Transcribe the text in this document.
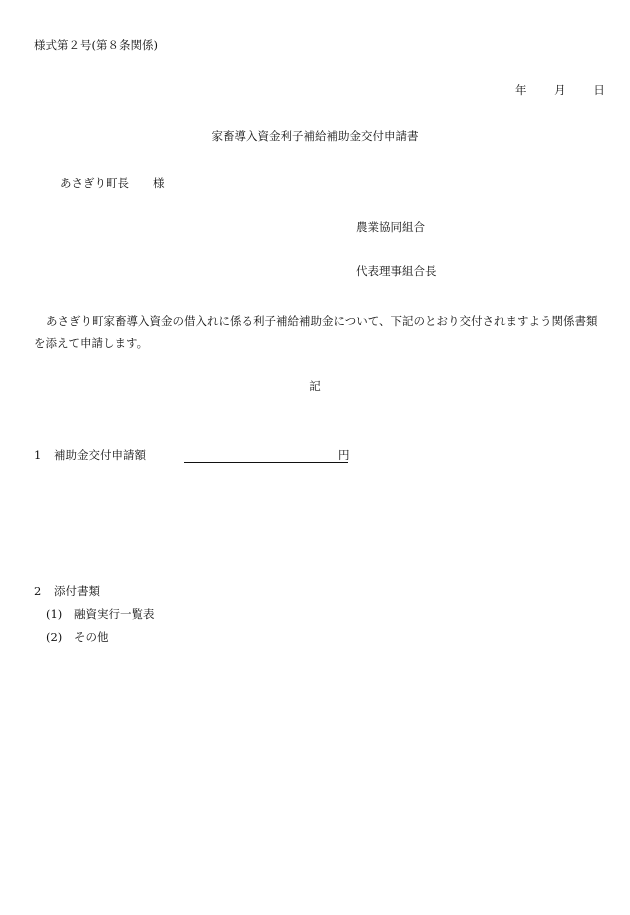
様式第２号(第８条関係)
年 月 日
家畜導入資金利子補給補助金交付申請書
あさぎり町長 様
農業協同組合
代表理事組合長
あさぎり町家畜導入資金の借入れに係る利子補給補助金について、下記のとおり交付されますよう関係書類を添えて申請します。
記
1 補助金交付申請額	円
2 添付書類
(1) 融資実行一覧表
(2) その他
